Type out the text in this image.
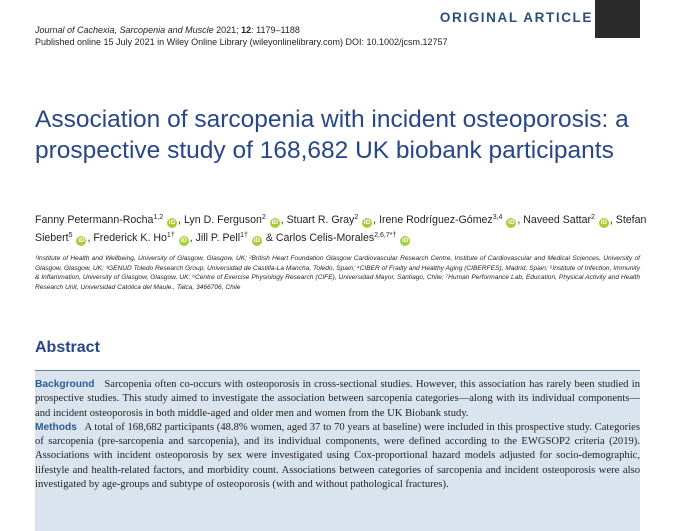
Journal of Cachexia, Sarcopenia and Muscle 2021; 12: 1179–1188
Published online 15 July 2021 in Wiley Online Library (wileyonlinelibrary.com) DOI: 10.1002/jcsm.12757
ORIGINAL ARTICLE
Association of sarcopenia with incident osteoporosis: a prospective study of 168,682 UK biobank participants
Fanny Petermann-Rocha$^{1,2}$ iD , Lyn D. Ferguson$^2$ iD , Stuart R. Gray$^2$ iD , Irene Rodríguez-Gómez$^{3,4}$ iD , Naveed Sattar$^2$ iD , Stefan Siebert$^5$ iD , Frederick K. $Ho^{1\dagger}$ iD , Jill P. Pell$^{1\dagger}$ iD & Carlos Celis-Morales$^{2,6,7*\dagger}$ iD
¹Institute of Health and Wellbeing, University of Glasgow, Glasgow, UK; ²British Heart Foundation Glasgow Cardiovascular Research Centre, Institute of Cardiovascular and Medical Sciences, University of Glasgow, Glasgow, UK; ³GENUD Toledo Research Group, Universidad de Castilla-La Mancha, Toledo, Spain; ⁴CIBER of Frailty and Healthy Aging (CIBERFES), Madrid, Spain; ⁵Institute of Infection, Immunity & Inflammation, University of Glasgow, Glasgow, UK; ⁶Centre of Exercise Physiology Research (CIFE), Universidad Mayor, Santiago, Chile; ⁷Human Performance Lab, Education, Physical Activity and Health Research Unit, Universidad Católica del Maule., Talca, 3466706, Chile
Abstract

Background Sarcopenia often co-occurs with osteoporosis in cross-sectional studies. However, this association has rarely been studied in prospective studies. This study aimed to investigate the association between sarcopenia categories—along with its individual components—and incident osteoporosis in both middle-aged and older men and women from the UK Biobank study.

Methods A total of 168,682 participants (48.8% women, aged 37 to 70 years at baseline) were included in this prospective study. Categories of sarcopenia (pre-sarcopenia and sarcopenia), and its individual components, were defined according to the EWGSOP2 criteria (2019). Associations with incident osteoporosis by sex were investigated using Cox-proportional hazard models adjusted for socio-demographic, lifestyle and health-related factors, and morbidity count. Associations between categories of sarcopenia and incident osteoporosis were also investigated by age-groups and subtype of osteoporosis (with and without pathological fractures).
